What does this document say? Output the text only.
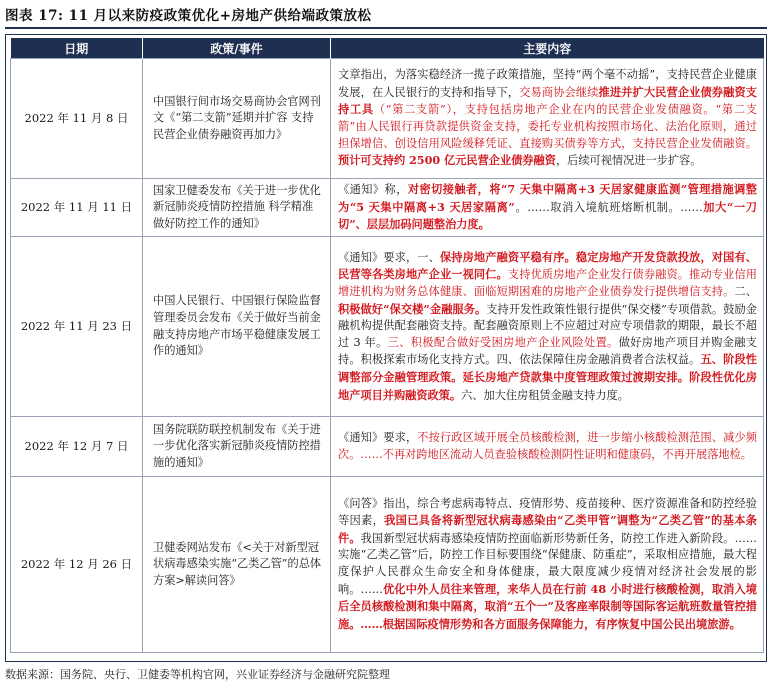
图表 17: 11 月以来防疫政策优化+房地产供给端政策放松
日期	政策/事件	主要内容
2022 年 11 月 8 日	中国银行间市场交易商协会官网刊文《“第二支箭”延期并扩容 支持民营企业债券融资再加力》	文章指出，为落实稳经济一揽子政策措施，坚持“两个毫不动摇”，支持民营企业健康发展，在人民银行的支持和指导下，交易商协会继续推进并扩大民营企业债券融资支持工具（“第二支箭”），支持包括房地产企业在内的民营企业发债融资。“第二支箭”由人民银行再贷款提供资金支持，委托专业机构按照市场化、法治化原则，通过担保增信、创设信用风险缓释凭证、直接购买债券等方式，支持民营企业发债融资。预计可支持约 2500 亿元民营企业债券融资，后续可视情况进一步扩容。
2022 年 11 月 11 日	国家卫健委发布《关于进一步优化新冠肺炎疫情防控措施 科学精准做好防控工作的通知》	《通知》称，对密切接触者，将“7 天集中隔离+3 天居家健康监测”管理措施调整为“5 天集中隔离+3 天居家隔离”。……取消入境航班熔断机制。……加大“一刀切”、层层加码问题整治力度。
2022 年 11 月 23 日	中国人民银行、中国银行保险监督管理委员会发布《关于做好当前金融支持房地产市场平稳健康发展工作的通知》	《通知》要求，一、保持房地产融资平稳有序。稳定房地产开发贷款投放，对国有、民营等各类房地产企业一视同仁。支持优质房地产企业发行债券融资。推动专业信用增进机构为财务总体健康、面临短期困难的房地产企业债券发行提供增信支持。二、积极做好“保交楼”金融服务。支持开发性政策性银行提供“保交楼”专项借款。鼓励金融机构提供配套融资支持。配套融资原则上不应超过对应专项借款的期限，最长不超过 3 年。三、积极配合做好受困房地产企业风险处置。做好房地产项目并购金融支持。积极探索市场化支持方式。四、依法保障住房金融消费者合法权益。五、阶段性调整部分金融管理政策。延长房地产贷款集中度管理政策过渡期安排。阶段性优化房地产项目并购融资政策。六、加大住房租赁金融支持力度。
2022 年 12 月 7 日	国务院联防联控机制发布《关于进一步优化落实新冠肺炎疫情防控措施的通知》	《通知》要求，不按行政区域开展全员核酸检测，进一步缩小核酸检测范围、减少频次。……不再对跨地区流动人员查验核酸检测阴性证明和健康码，不再开展落地检。
2022 年 12 月 26 日	卫健委网站发布《<关于对新型冠状病毒感染实施“乙类乙管”的总体方案>解读问答》	《问答》指出，综合考虑病毒特点、疫情形势、疫苗接种、医疗资源准备和防控经验等因素，我国已具备将新型冠状病毒感染由“乙类甲管”调整为“乙类乙管”的基本条件。我国新型冠状病毒感染疫情防控面临新形势新任务，防控工作进入新阶段。……实施“乙类乙管”后，防控工作目标要围绕“保健康、防重症”，采取相应措施，最大程度保护人民群众生命安全和身体健康，最大限度减少疫情对经济社会发展的影响。……优化中外人员往来管理，来华人员在行前 48 小时进行核酸检测，取消入境后全员核酸检测和集中隔离，取消“五个一”及客座率限制等国际客运航班数量管控措施。……根据国际疫情形势和各方面服务保障能力，有序恢复中国公民出境旅游。
数据来源：国务院、央行、卫健委等机构官网，兴业证券经济与金融研究院整理
